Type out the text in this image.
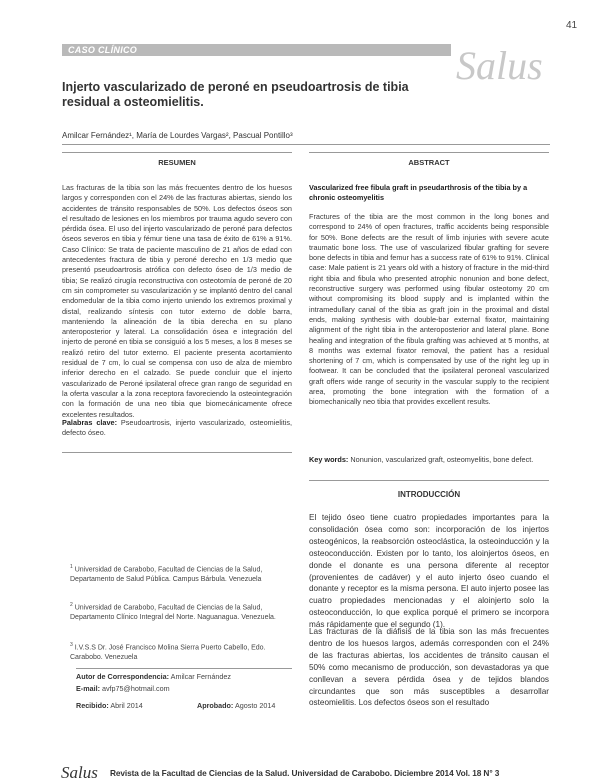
41
CASO CLÍNICO	Salus
Injerto vascularizado de peroné en pseudoartrosis de tibia residual a osteomielitis.
Amilcar Fernández¹, María de Lourdes Vargas², Pascual Pontillo³
RESUMEN
Las fracturas de la tibia son las más frecuentes dentro de los huesos largos y corresponden con el 24% de las fracturas abiertas, siendo los accidentes de tránsito responsables de 50%. Los defectos óseos son el resultado de lesiones en los miembros por trauma agudo severo con pérdida ósea. El uso del injerto vascularizado de peroné para defectos óseos severos en tibia y fémur tiene una tasa de éxito de 61% a 91%. Caso Clínico: Se trata de paciente masculino de 21 años de edad con antecedentes fractura de tibia y peroné derecho en 1/3 medio que presentó pseudoartrosis atrófica con defecto óseo de 1/3 medio de tibia; Se realizó cirugía reconstructiva con osteotomía de peroné de 20 cm sin comprometer su vascularización y se implantó dentro del canal endomedular de la tibia como injerto uniendo los extremos proximal y distal, realizando síntesis con tutor externo de doble barra, manteniendo la alineación de la tibia derecha en su plano anteroposterior y lateral. La consolidación ósea e integración del injerto de peroné en tibia se consiguió a los 5 meses, a los 8 meses se realizó retiro del tutor externo. El paciente presenta acortamiento residual de 7 cm, lo cual se compensa con uso de alza de miembro inferior derecho en el calzado. Se puede concluir que el injerto vascularizado de Peroné ipsilateral ofrece gran rango de seguridad en la oferta vascular a la zona receptora favoreciendo la osteointegración con la formación de una neo tibia que biomecánicamente ofrece excelentes resultados.
Palabras clave: Pseudoartrosis, injerto vascularizado, osteomielitis, defecto óseo.
$^1$ Universidad de Carabobo, Facultad de Ciencias de la Salud, Departamento de Salud Pública. Campus Bárbula. Venezuela
$^2$ Universidad de Carabobo, Facultad de Ciencias de la Salud, Departamento Clínico Integral del Norte. Naguanagua. Venezuela.
$^3$ I.V.S.S Dr. José Francisco Molina Sierra Puerto Cabello, Edo. Carabobo. Venezuela
Autor de Correspondencia: Amilcar Fernández
E-mail: avfp75@hotmail.com
Recibido: Abril 2014	Aprobado: Agosto 2014
ABSTRACT
Vascularized free fibula graft in pseudarthrosis of the tibia by a chronic osteomyelitis
Fractures of the tibia are the most common in the long bones and correspond to 24% of open fractures, traffic accidents being responsible for 50%. Bone defects are the result of limb injuries with severe acute traumatic bone loss. The use of vascularized fibular grafting for severe bone defects in tibia and femur has a success rate of 61% to 91%. Clinical case: Male patient is 21 years old with a history of fracture in the mid-third right tibia and fibula who presented atrophic nonunion and bone defect, reconstructive surgery was performed using fibular osteotomy 20 cm without compromising its blood supply and is implanted within the intramedullary canal of the tibia as graft join in the proximal and distal ends, making synthesis with double-bar external fixator, maintaining alignment of the right tibia in the anteroposterior and lateral plane. Bone healing and integration of the fibula grafting was achieved at 5 months, at 8 months was external fixator removal, the patient has a residual shortening of 7 cm, which is compensated by use of the right leg up in footwear. It can be concluded that the ipsilateral peroneal vascularized graft offers wide range of security in the vascular supply to the recipient area, promoting the bone integration with the formation of a biomechanically neo tibia that provides excellent results.
Key words: Nonunion, vascularized graft, osteomyelitis, bone defect.
INTRODUCCIÓN
El tejido óseo tiene cuatro propiedades importantes para la consolidación ósea como son: incorporación de los injertos osteogénicos, la reabsorción osteoclástica, la osteoinducción y la osteoconducción. Existen por lo tanto, los aloinjertos óseos, en donde el donante es una persona diferente al receptor (provenientes de cadáver) y el auto injerto óseo cuando el donante y receptor es la misma persona. El auto injerto posee las cuatro propiedades mencionadas y el aloinjerto solo la osteoconducción, lo que explica porqué el primero se incorpora más rápidamente que el segundo (1).
Las fracturas de la diáfisis de la tibia son las más frecuentes dentro de los huesos largos, además corresponden con el 24% de las fracturas abiertas, los accidentes de tránsito causan el 50% como mecanismo de producción, son devastadoras ya que conllevan a severa pérdida ósea y de tejidos blandos circundantes que son más susceptibles a desarrollar osteomielitis. Los defectos óseos son el resultado
Salus Revista de la Facultad de Ciencias de la Salud. Universidad de Carabobo. Diciembre 2014 Vol. 18 N° 3
